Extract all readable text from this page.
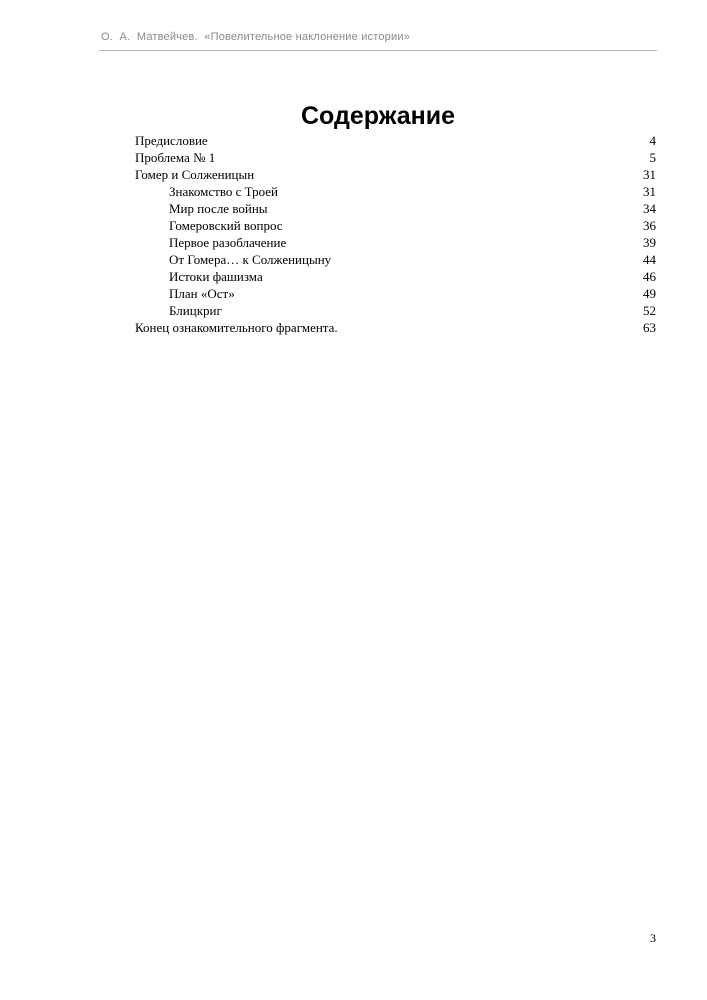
О.  А.  Матвейчев.  «Повелительное наклонение истории»
Содержание
Предисловие	4
Проблема № 1	5
Гомер и Солженицын	31
Знакомство с Троей	31
Мир после войны	34
Гомеровский вопрос	36
Первое разоблачение	39
От Гомера… к Солженицыну	44
Истоки фашизма	46
План «Ост»	49
Блицкриг	52
Конец ознакомительного фрагмента.	63
3
